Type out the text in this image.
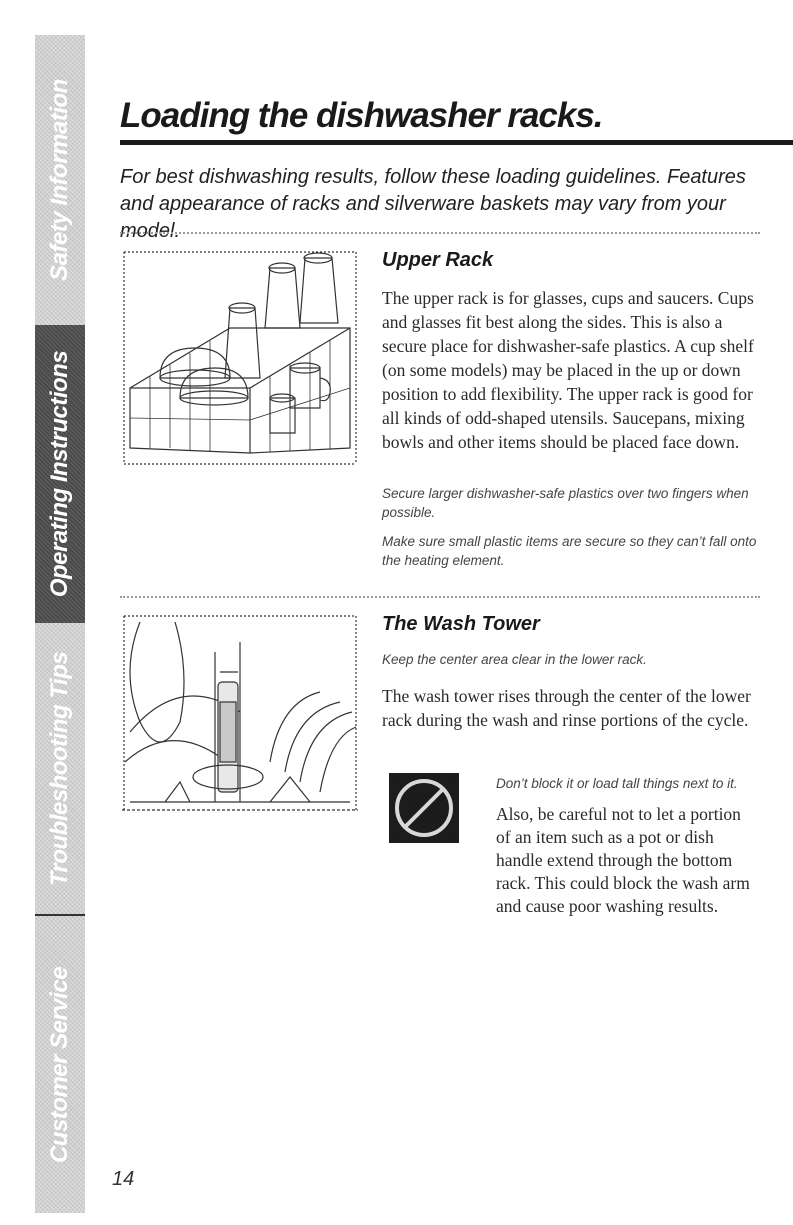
Safety Information
Operating Instructions
Troubleshooting Tips
Customer Service
Loading the dishwasher racks.

For best dishwashing results, follow these loading guidelines. Features and appearance of racks and silverware baskets may vary from your model.

Upper Rack

The upper rack is for glasses, cups and saucers. Cups and glasses fit best along the sides. This is also a secure place for dishwasher-safe plastics. A cup shelf (on some models) may be placed in the up or down position to add flexibility. The upper rack is good for all kinds of odd-shaped utensils. Saucepans, mixing bowls and other items should be placed face down.

Secure larger dishwasher-safe plastics over two fingers when possible.

Make sure small plastic items are secure so they can’t fall onto the heating element.

The Wash Tower

Keep the center area clear in the lower rack.

The wash tower rises through the center of the lower rack during the wash and rinse portions of the cycle.

Don’t block it or load tall things next to it.

Also, be careful not to let a portion of an item such as a pot or dish handle extend through the bottom rack. This could block the wash arm and cause poor washing results.

14
